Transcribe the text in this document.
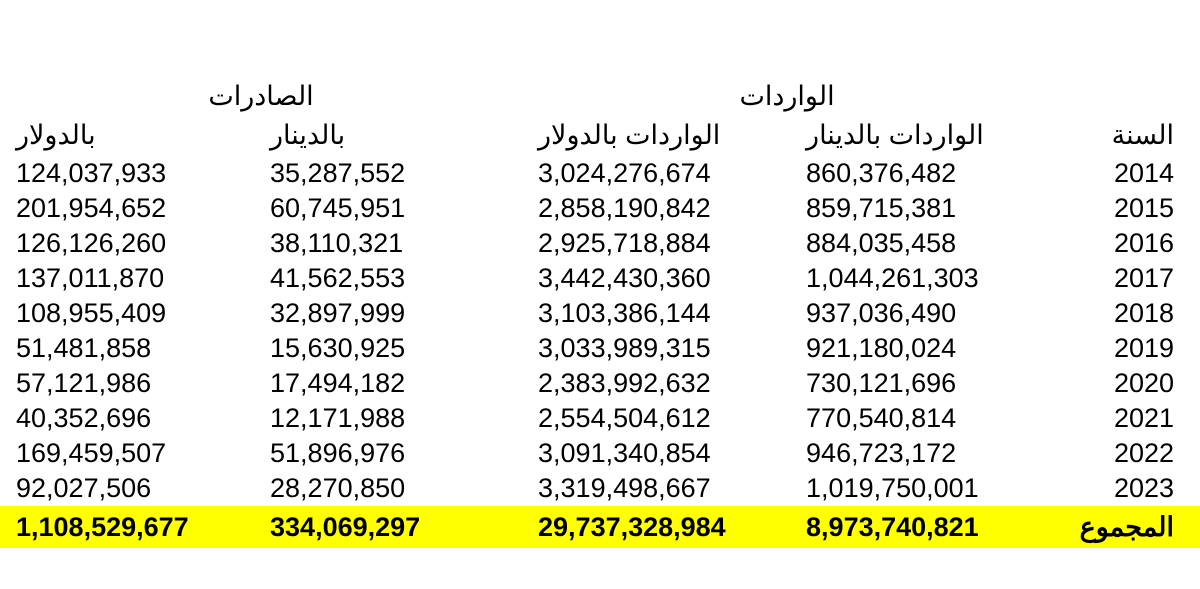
	الواردات		الصادرات	
السنة	الواردات بالدينار	الواردات بالدولار	بالدينار	بالدولار
2014	860,376,482	3,024,276,674	35,287,552	124,037,933
2015	859,715,381	2,858,190,842	60,745,951	201,954,652
2016	884,035,458	2,925,718,884	38,110,321	126,126,260
2017	1,044,261,303	3,442,430,360	41,562,553	137,011,870
2018	937,036,490	3,103,386,144	32,897,999	108,955,409
2019	921,180,024	3,033,989,315	15,630,925	51,481,858
2020	730,121,696	2,383,992,632	17,494,182	57,121,986
2021	770,540,814	2,554,504,612	12,171,988	40,352,696
2022	946,723,172	3,091,340,854	51,896,976	169,459,507
2023	1,019,750,001	3,319,498,667	28,270,850	92,027,506
المجموع	8,973,740,821	29,737,328,984	334,069,297	1,108,529,677
